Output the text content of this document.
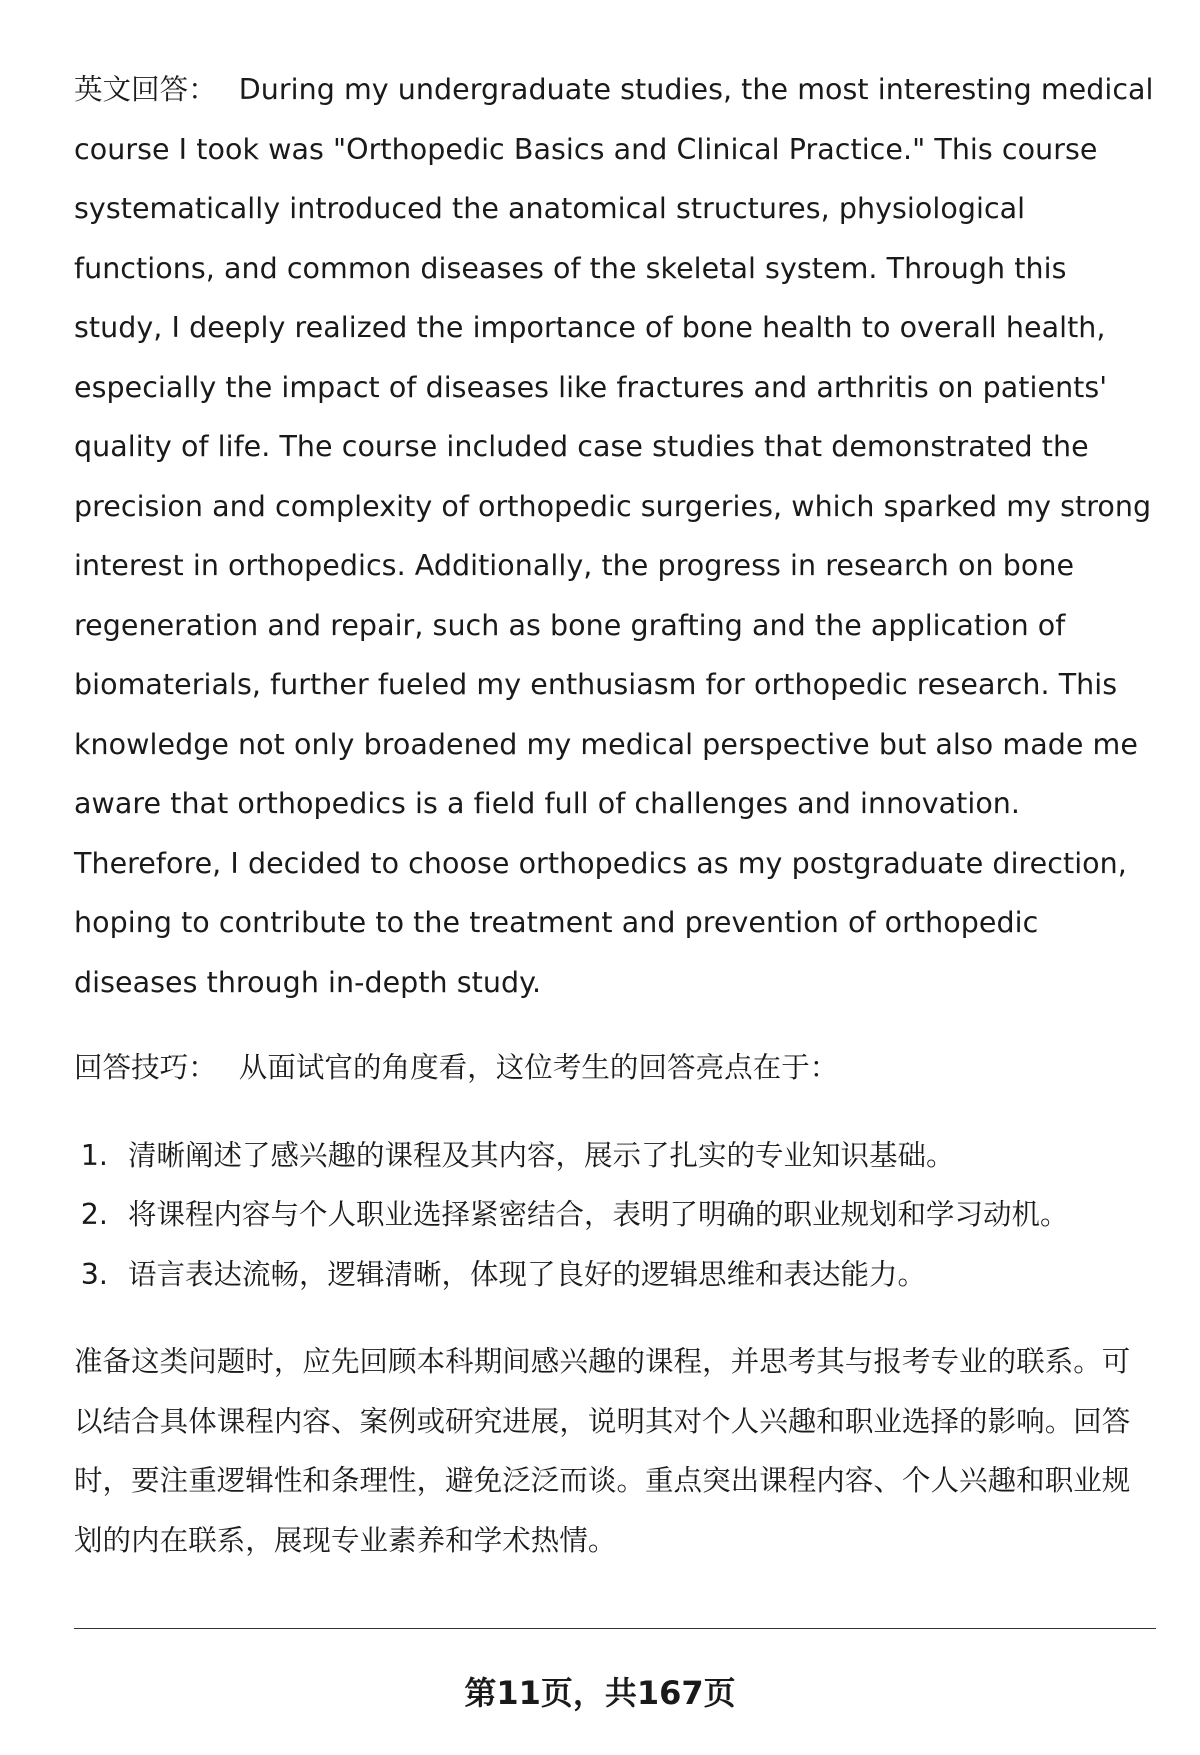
英文回答： During my undergraduate studies, the most interesting medical course I took was "Orthopedic Basics and Clinical Practice." This course systematically introduced the anatomical structures, physiological functions, and common diseases of the skeletal system. Through this study, I deeply realized the importance of bone health to overall health, especially the impact of diseases like fractures and arthritis on patients' quality of life. The course included case studies that demonstrated the precision and complexity of orthopedic surgeries, which sparked my strong interest in orthopedics. Additionally, the progress in research on bone regeneration and repair, such as bone grafting and the application of biomaterials, further fueled my enthusiasm for orthopedic research. This knowledge not only broadened my medical perspective but also made me aware that orthopedics is a field full of challenges and innovation. Therefore, I decided to choose orthopedics as my postgraduate direction, hoping to contribute to the treatment and prevention of orthopedic diseases through in-depth study.

回答技巧： 从面试官的角度看，这位考生的回答亮点在于：

1. 清晰阐述了感兴趣的课程及其内容，展示了扎实的专业知识基础。
2. 将课程内容与个人职业选择紧密结合，表明了明确的职业规划和学习动机。
3. 语言表达流畅，逻辑清晰，体现了良好的逻辑思维和表达能力。

准备这类问题时，应先回顾本科期间感兴趣的课程，并思考其与报考专业的联系。可以结合具体课程内容、案例或研究进展，说明其对个人兴趣和职业选择的影响。回答时，要注重逻辑性和条理性，避免泛泛而谈。重点突出课程内容、个人兴趣和职业规划的内在联系，展现专业素养和学术热情。

第11页，共167页
